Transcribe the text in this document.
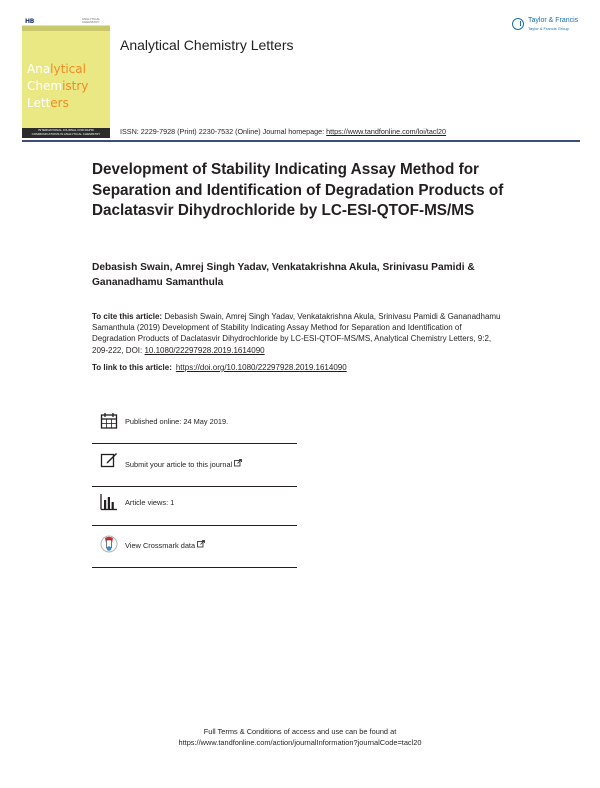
HB	ANALYTICAL CHEMISTRY
Analytical
Chemistry
Letters
INTERNATIONAL JOURNAL FOR RAPID
COMMUNICATIONS IN ANALYTICAL CHEMISTRY
Analytical Chemistry Letters
Taylor & Francis
Taylor & Francis Group
ISSN: 2229-7928 (Print) 2230-7532 (Online) Journal homepage: https://www.tandfonline.com/loi/tacl20
Development of Stability Indicating Assay Method for Separation and Identification of Degradation Products of Daclatasvir Dihydrochloride by LC-ESI-QTOF-MS/MS
Debasish Swain, Amrej Singh Yadav, Venkatakrishna Akula, Srinivasu Pamidi & Gananadhamu Samanthula
To cite this article: Debasish Swain, Amrej Singh Yadav, Venkatakrishna Akula, Srinivasu Pamidi & Gananadhamu Samanthula (2019) Development of Stability Indicating Assay Method for Separation and Identification of Degradation Products of Daclatasvir Dihydrochloride by LC-ESI-QTOF-MS/MS, Analytical Chemistry Letters, 9:2, 209-222, DOI: 10.1080/22297928.2019.1614090
To link to this article: https://doi.org/10.1080/22297928.2019.1614090
Published online: 24 May 2019.
Submit your article to this journal
Article views: 1
View Crossmark data
Full Terms & Conditions of access and use can be found at
https://www.tandfonline.com/action/journalInformation?journalCode=tacl20
